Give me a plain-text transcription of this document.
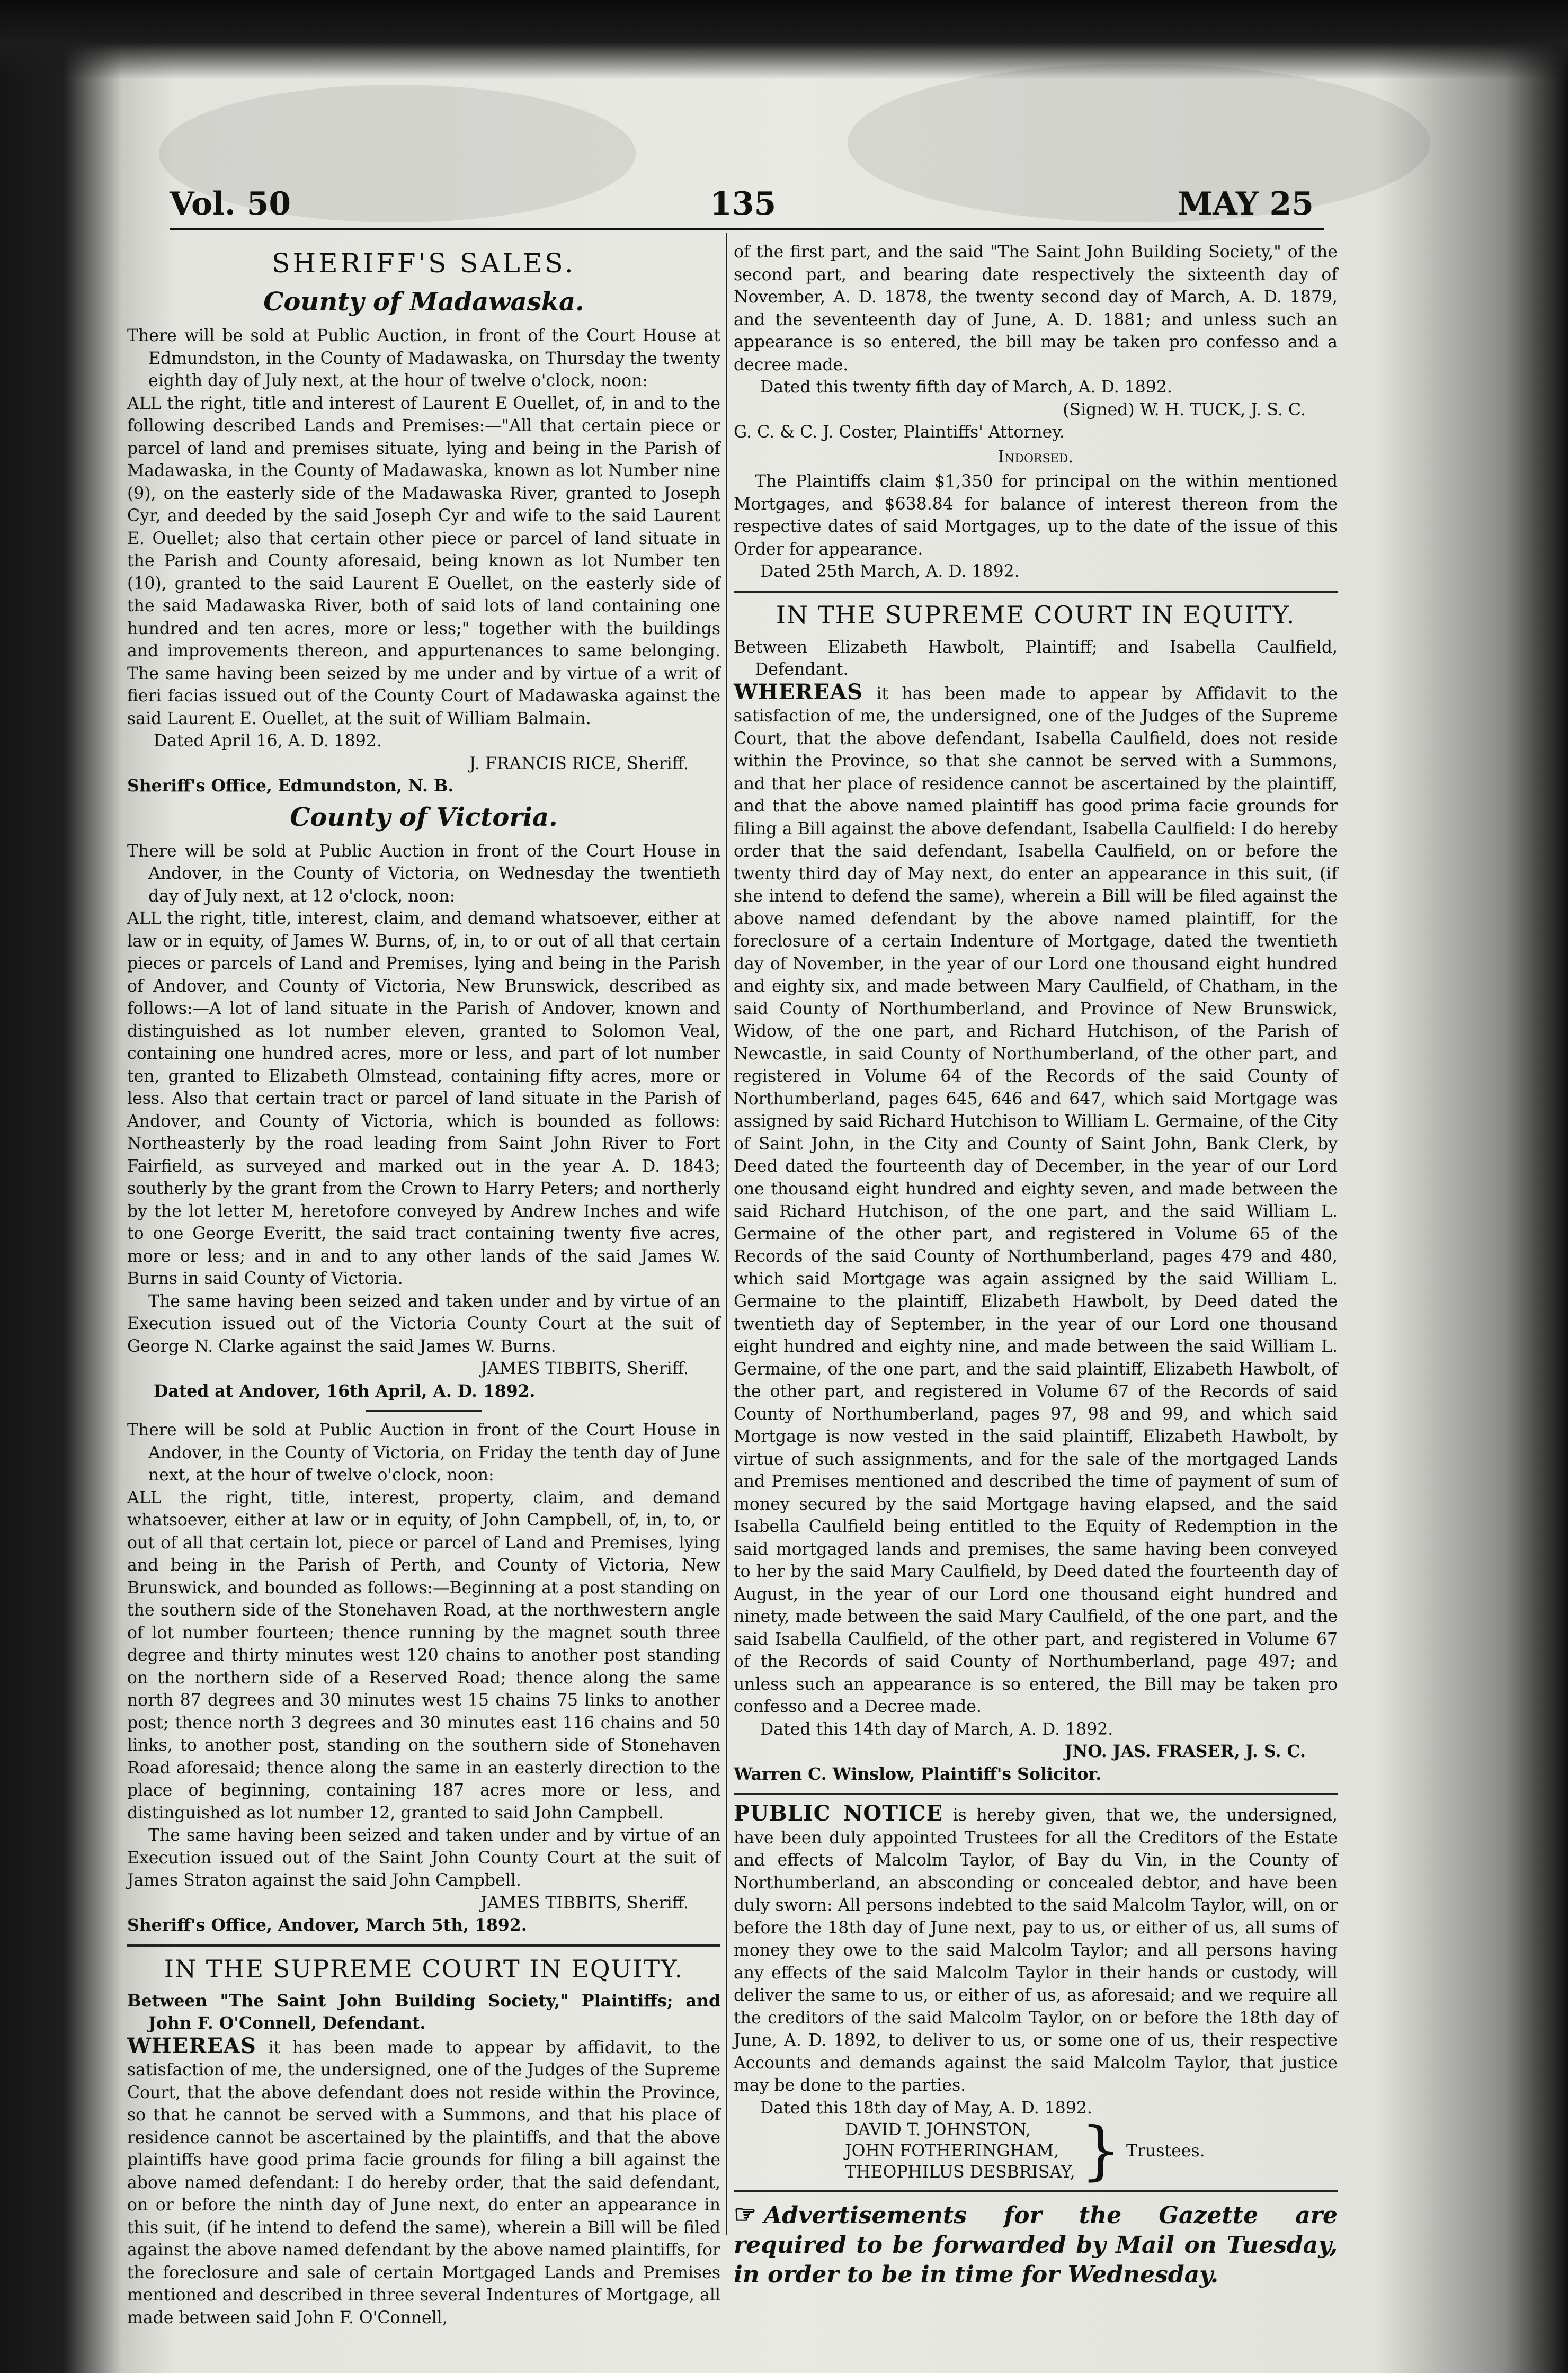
Vol. 50	135	MAY 25
SHERIFF'S SALES.
County of Madawaska.

There will be sold at Public Auction, in front of the Court House at Edmundston, in the County of Madawaska, on Thursday the twenty eighth day of July next, at the hour of twelve o'clock, noon:

ALL the right, title and interest of Laurent E Ouellet, of, in and to the following described Lands and Premises:—"All that certain piece or parcel of land and premises situate, lying and being in the Parish of Madawaska, in the County of Madawaska, known as lot Number nine (9), on the easterly side of the Madawaska River, granted to Joseph Cyr, and deeded by the said Joseph Cyr and wife to the said Laurent E. Ouellet; also that certain other piece or parcel of land situate in the Parish and County aforesaid, being known as lot Number ten (10), granted to the said Laurent E Ouellet, on the easterly side of the said Madawaska River, both of said lots of land containing one hundred and ten acres, more or less;" together with the buildings and improvements thereon, and appurtenances to same belonging. The same having been seized by me under and by virtue of a writ of fieri facias issued out of the County Court of Madawaska against the said Laurent E. Ouellet, at the suit of William Balmain.

Dated April 16, A. D. 1892.

J. FRANCIS RICE, Sheriff.

Sheriff's Office, Edmundston, N. B.

County of Victoria.

There will be sold at Public Auction in front of the Court House in Andover, in the County of Victoria, on Wednesday the twentieth day of July next, at 12 o'clock, noon:

ALL the right, title, interest, claim, and demand whatsoever, either at law or in equity, of James W. Burns, of, in, to or out of all that certain pieces or parcels of Land and Premises, lying and being in the Parish of Andover, and County of Victoria, New Brunswick, described as follows:—A lot of land situate in the Parish of Andover, known and distinguished as lot number eleven, granted to Solomon Veal, containing one hundred acres, more or less, and part of lot number ten, granted to Elizabeth Olmstead, containing fifty acres, more or less. Also that certain tract or parcel of land situate in the Parish of Andover, and County of Victoria, which is bounded as follows: Northeasterly by the road leading from Saint John River to Fort Fairfield, as surveyed and marked out in the year A. D. 1843; southerly by the grant from the Crown to Harry Peters; and northerly by the lot letter M, heretofore conveyed by Andrew Inches and wife to one George Everitt, the said tract containing twenty five acres, more or less; and in and to any other lands of the said James W. Burns in said County of Victoria.

The same having been seized and taken under and by virtue of an Execution issued out of the Victoria County Court at the suit of George N. Clarke against the said James W. Burns.

JAMES TIBBITS, Sheriff.

Dated at Andover, 16th April, A. D. 1892.

There will be sold at Public Auction in front of the Court House in Andover, in the County of Victoria, on Friday the tenth day of June next, at the hour of twelve o'clock, noon:

ALL the right, title, interest, property, claim, and demand whatsoever, either at law or in equity, of John Campbell, of, in, to, or out of all that certain lot, piece or parcel of Land and Premises, lying and being in the Parish of Perth, and County of Victoria, New Brunswick, and bounded as follows:—Beginning at a post standing on the southern side of the Stonehaven Road, at the northwestern angle of lot number fourteen; thence running by the magnet south three degree and thirty minutes west 120 chains to another post standing on the northern side of a Reserved Road; thence along the same north 87 degrees and 30 minutes west 15 chains 75 links to another post; thence north 3 degrees and 30 minutes east 116 chains and 50 links, to another post, standing on the southern side of Stonehaven Road aforesaid; thence along the same in an easterly direction to the place of beginning, containing 187 acres more or less, and distinguished as lot number 12, granted to said John Campbell.

The same having been seized and taken under and by virtue of an Execution issued out of the Saint John County Court at the suit of James Straton against the said John Campbell.

JAMES TIBBITS, Sheriff.

Sheriff's Office, Andover, March 5th, 1892.

IN THE SUPREME COURT IN EQUITY.

Between "The Saint John Building Society," Plaintiffs; and John F. O'Connell, Defendant.

WHEREAS it has been made to appear by affidavit, to the satisfaction of me, the undersigned, one of the Judges of the Supreme Court, that the above defendant does not reside within the Province, so that he cannot be served with a Summons, and that his place of residence cannot be ascertained by the plaintiffs, and that the above plaintiffs have good prima facie grounds for filing a bill against the above named defendant: I do hereby order, that the said defendant, on or before the ninth day of June next, do enter an appearance in this suit, (if he intend to defend the same), wherein a Bill will be filed against the above named defendant by the above named plaintiffs, for the foreclosure and sale of certain Mortgaged Lands and Premises mentioned and described in three several Indentures of Mortgage, all made between said John F. O'Connell,

of the first part, and the said "The Saint John Building Society," of the second part, and bearing date respectively the sixteenth day of November, A. D. 1878, the twenty second day of March, A. D. 1879, and the seventeenth day of June, A. D. 1881; and unless such an appearance is so entered, the bill may be taken pro confesso and a decree made.

Dated this twenty fifth day of March, A. D. 1892.

(Signed) W. H. TUCK, J. S. C.

G. C. & C. J. Coster, Plaintiffs' Attorney.

Indorsed.

The Plaintiffs claim $1,350 for principal on the within mentioned Mortgages, and $638.84 for balance of interest thereon from the respective dates of said Mortgages, up to the date of the issue of this Order for appearance.

Dated 25th March, A. D. 1892.

IN THE SUPREME COURT IN EQUITY.

Between Elizabeth Hawbolt, Plaintiff; and Isabella Caulfield, Defendant.

WHEREAS it has been made to appear by Affidavit to the satisfaction of me, the undersigned, one of the Judges of the Supreme Court, that the above defendant, Isabella Caulfield, does not reside within the Province, so that she cannot be served with a Summons, and that her place of residence cannot be ascertained by the plaintiff, and that the above named plaintiff has good prima facie grounds for filing a Bill against the above defendant, Isabella Caulfield: I do hereby order that the said defendant, Isabella Caulfield, on or before the twenty third day of May next, do enter an appearance in this suit, (if she intend to defend the same), wherein a Bill will be filed against the above named defendant by the above named plaintiff, for the foreclosure of a certain Indenture of Mortgage, dated the twentieth day of November, in the year of our Lord one thousand eight hundred and eighty six, and made between Mary Caulfield, of Chatham, in the said County of Northumberland, and Province of New Brunswick, Widow, of the one part, and Richard Hutchison, of the Parish of Newcastle, in said County of Northumberland, of the other part, and registered in Volume 64 of the Records of the said County of Northumberland, pages 645, 646 and 647, which said Mortgage was assigned by said Richard Hutchison to William L. Germaine, of the City of Saint John, in the City and County of Saint John, Bank Clerk, by Deed dated the fourteenth day of December, in the year of our Lord one thousand eight hundred and eighty seven, and made between the said Richard Hutchison, of the one part, and the said William L. Germaine of the other part, and registered in Volume 65 of the Records of the said County of Northumberland, pages 479 and 480, which said Mortgage was again assigned by the said William L. Germaine to the plaintiff, Elizabeth Hawbolt, by Deed dated the twentieth day of September, in the year of our Lord one thousand eight hundred and eighty nine, and made between the said William L. Germaine, of the one part, and the said plaintiff, Elizabeth Hawbolt, of the other part, and registered in Volume 67 of the Records of said County of Northumberland, pages 97, 98 and 99, and which said Mortgage is now vested in the said plaintiff, Elizabeth Hawbolt, by virtue of such assignments, and for the sale of the mortgaged Lands and Premises mentioned and described the time of payment of sum of money secured by the said Mortgage having elapsed, and the said Isabella Caulfield being entitled to the Equity of Redemption in the said mortgaged lands and premises, the same having been conveyed to her by the said Mary Caulfield, by Deed dated the fourteenth day of August, in the year of our Lord one thousand eight hundred and ninety, made between the said Mary Caulfield, of the one part, and the said Isabella Caulfield, of the other part, and registered in Volume 67 of the Records of said County of Northumberland, page 497; and unless such an appearance is so entered, the Bill may be taken pro confesso and a Decree made.

Dated this 14th day of March, A. D. 1892.

JNO. JAS. FRASER, J. S. C.

Warren C. Winslow, Plaintiff's Solicitor.

PUBLIC NOTICE is hereby given, that we, the undersigned, have been duly appointed Trustees for all the Creditors of the Estate and effects of Malcolm Taylor, of Bay du Vin, in the County of Northumberland, an absconding or concealed debtor, and have been duly sworn: All persons indebted to the said Malcolm Taylor, will, on or before the 18th day of June next, pay to us, or either of us, all sums of money they owe to the said Malcolm Taylor; and all persons having any effects of the said Malcolm Taylor in their hands or custody, will deliver the same to us, or either of us, as aforesaid; and we require all the creditors of the said Malcolm Taylor, on or before the 18th day of June, A. D. 1892, to deliver to us, or some one of us, their respective Accounts and demands against the said Malcolm Taylor, that justice may be done to the parties.

Dated this 18th day of May, A. D. 1892.

DAVID T. JOHNSTON,
JOHN FOTHERINGHAM,
THEOPHILUS DESBRISAY, } Trustees.

☞ Advertisements for the Gazette are required to be forwarded by Mail on Tuesday, in order to be in time for Wednesday.
